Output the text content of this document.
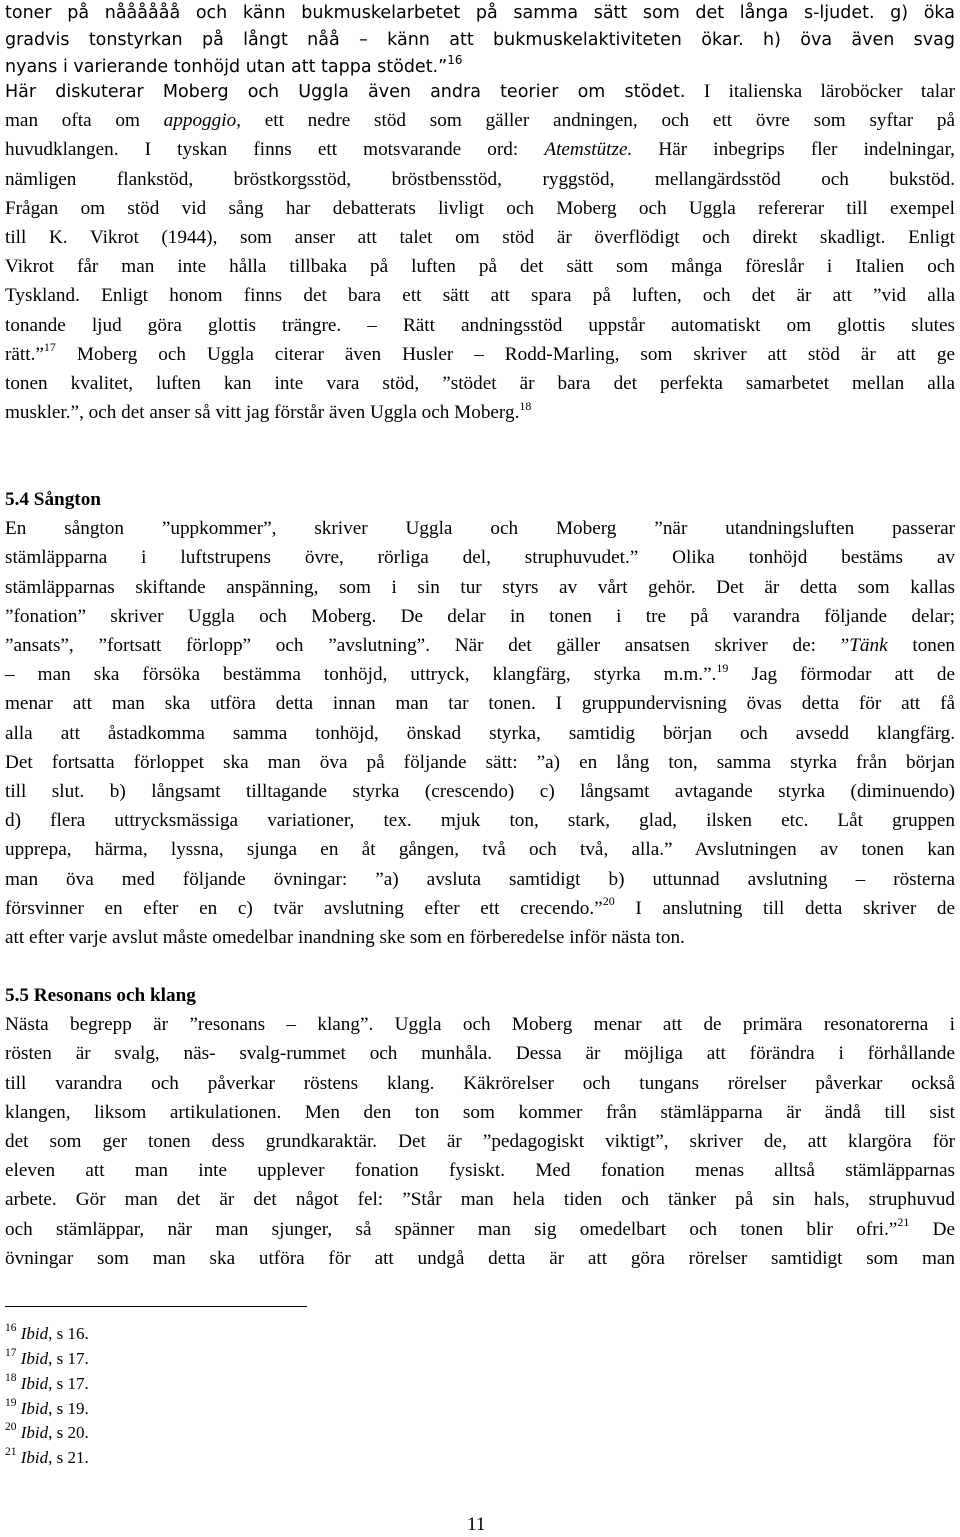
toner på nåååååå och känn bukmuskelarbetet på samma sätt som det långa s-ljudet. g) öka
gradvis tonstyrkan på långt nåå – känn att bukmuskelaktiviteten ökar. h) öva även svag
nyans i varierande tonhöjd utan att tappa stödet.”$^{16}$
Här diskuterar Moberg och Uggla även andra teorier om stödet. I italienska läroböcker talar
man ofta om appoggio, ett nedre stöd som gäller andningen, och ett övre som syftar på
huvudklangen. I tyskan finns ett motsvarande ord: Atemstütze. Här inbegrips fler indelningar,
nämligen flankstöd, bröstkorgsstöd, bröstbensstöd, ryggstöd, mellangärdsstöd och bukstöd.
Frågan om stöd vid sång har debatterats livligt och Moberg och Uggla refererar till exempel
till K. Vikrot (1944), som anser att talet om stöd är överflödigt och direkt skadligt. Enligt
Vikrot får man inte hålla tillbaka på luften på det sätt som många föreslår i Italien och
Tyskland. Enligt honom finns det bara ett sätt att spara på luften, och det är att ”vid alla
tonande ljud göra glottis trängre. – Rätt andningsstöd uppstår automatiskt om glottis slutes
rätt.”$^{17}$ Moberg och Uggla citerar även Husler – Rodd-Marling, som skriver att stöd är att ge
tonen kvalitet, luften kan inte vara stöd, ”stödet är bara det perfekta samarbetet mellan alla
muskler.”, och det anser så vitt jag förstår även Uggla och Moberg.$^{18}$
5.4 Sångton
En sångton ”uppkommer”, skriver Uggla och Moberg ”när utandningsluften passerar
stämläpparna i luftstrupens övre, rörliga del, struphuvudet.” Olika tonhöjd bestäms av
stämläpparnas skiftande anspänning, som i sin tur styrs av vårt gehör. Det är detta som kallas
”fonation” skriver Uggla och Moberg. De delar in tonen i tre på varandra följande delar;
”ansats”, ”fortsatt förlopp” och ”avslutning”. När det gäller ansatsen skriver de: ”Tänk tonen
– man ska försöka bestämma tonhöjd, uttryck, klangfärg, styrka m.m.”.$^{19}$ Jag förmodar att de
menar att man ska utföra detta innan man tar tonen. I gruppundervisning övas detta för att få
alla att åstadkomma samma tonhöjd, önskad styrka, samtidig början och avsedd klangfärg.
Det fortsatta förloppet ska man öva på följande sätt: ”a) en lång ton, samma styrka från början
till slut. b) långsamt tilltagande styrka (crescendo) c) långsamt avtagande styrka (diminuendo)
d) flera uttrycksmässiga variationer, tex. mjuk ton, stark, glad, ilsken etc. Låt gruppen
upprepa, härma, lyssna, sjunga en åt gången, två och två, alla.” Avslutningen av tonen kan
man öva med följande övningar: ”a) avsluta samtidigt b) uttunnad avslutning – rösterna
försvinner en efter en c) tvär avslutning efter ett crecendo.”$^{20}$ I anslutning till detta skriver de
att efter varje avslut måste omedelbar inandning ske som en förberedelse inför nästa ton.
5.5 Resonans och klang
Nästa begrepp är ”resonans – klang”. Uggla och Moberg menar att de primära resonatorerna i
rösten är svalg, näs- svalg-rummet och munhåla. Dessa är möjliga att förändra i förhållande
till varandra och påverkar röstens klang. Käkrörelser och tungans rörelser påverkar också
klangen, liksom artikulationen. Men den ton som kommer från stämläpparna är ändå till sist
det som ger tonen dess grundkaraktär. Det är ”pedagogiskt viktigt”, skriver de, att klargöra för
eleven att man inte upplever fonation fysiskt. Med fonation menas alltså stämläpparnas
arbete. Gör man det är det något fel: ”Står man hela tiden och tänker på sin hals, struphuvud
och stämläppar, när man sjunger, så spänner man sig omedelbart och tonen blir ofri.”$^{21}$ De
övningar som man ska utföra för att undgå detta är att göra rörelser samtidigt som man
$^{16}$ Ibid, s 16.
$^{17}$ Ibid, s 17.
$^{18}$ Ibid, s 17.
$^{19}$ Ibid, s 19.
$^{20}$ Ibid, s 20.
$^{21}$ Ibid, s 21.
11
